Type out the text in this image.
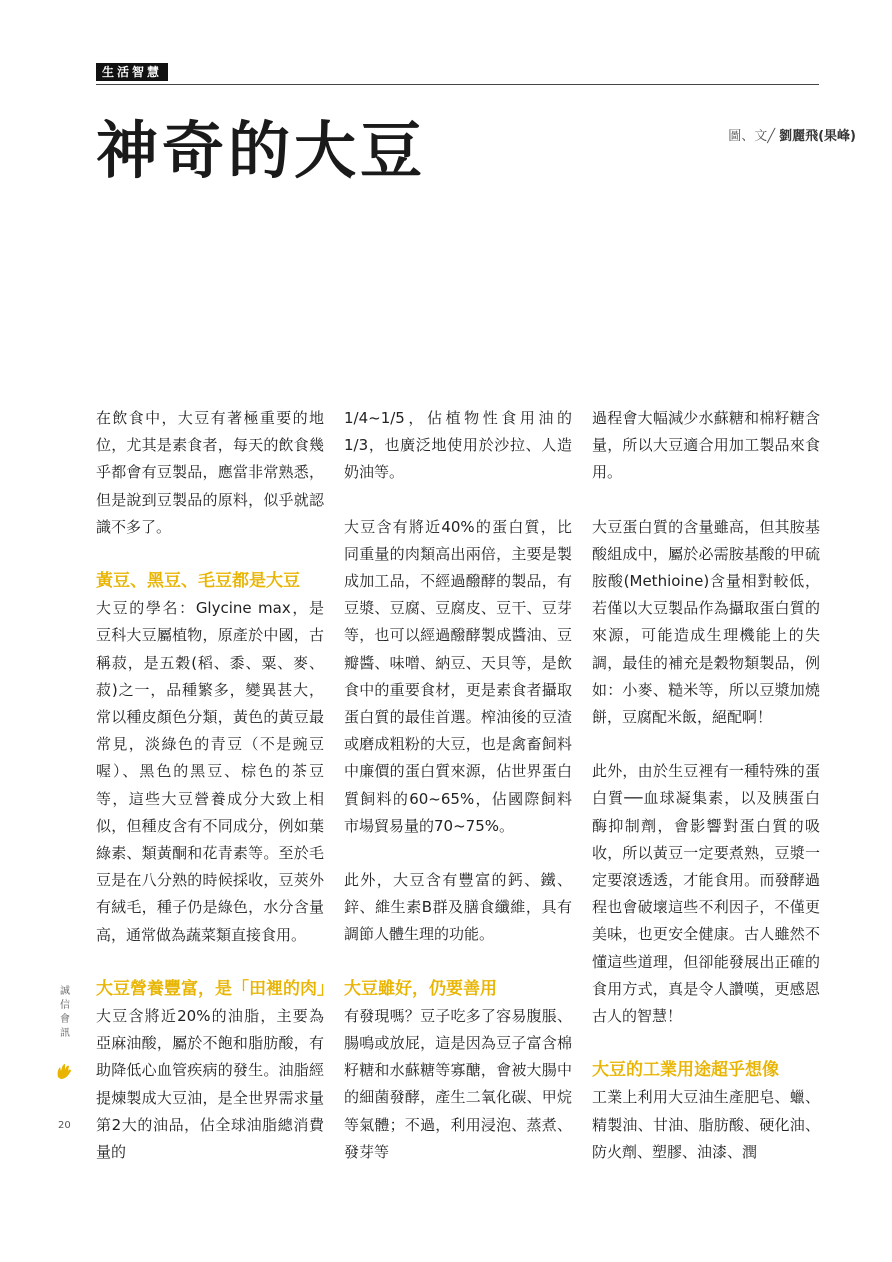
生活智慧
神奇的大豆	圖、文╱ 劉麗飛(果峰)

在飲食中，大豆有著極重要的地位，尤其是素食者，每天的飲食幾乎都會有豆製品，應當非常熟悉，但是說到豆製品的原料，似乎就認識不多了。

黃豆、黑豆、毛豆都是大豆

大豆的學名：Glycine max，是豆科大豆屬植物，原產於中國，古稱菽，是五穀(稻、黍、粟、麥、菽)之一，品種繁多，變異甚大，常以種皮顏色分類，黃色的黃豆最常見，淡綠色的青豆（不是豌豆喔）、黑色的黑豆、棕色的茶豆等，這些大豆營養成分大致上相似，但種皮含有不同成分，例如葉綠素、類黃酮和花青素等。至於毛豆是在八分熟的時候採收，豆莢外有絨毛，種子仍是綠色，水分含量高，通常做為蔬菜類直接食用。

大豆營養豐富，是「田裡的肉」

大豆含將近20%的油脂，主要為亞麻油酸，屬於不飽和脂肪酸，有助降低心血管疾病的發生。油脂經提煉製成大豆油，是全世界需求量第2大的油品，佔全球油脂總消費量的

1/4~1/5，佔植物性食用油的1/3，也廣泛地使用於沙拉、人造奶油等。

大豆含有將近40%的蛋白質，比同重量的肉類高出兩倍，主要是製成加工品，不經過醱酵的製品，有豆漿、豆腐、豆腐皮、豆干、豆芽等，也可以經過醱酵製成醬油、豆瓣醬、味噌、納豆、天貝等，是飲食中的重要食材，更是素食者攝取蛋白質的最佳首選。榨油後的豆渣或磨成粗粉的大豆，也是禽畜飼料中廉價的蛋白質來源，佔世界蛋白質飼料的60~65%，佔國際飼料市場貿易量的70~75%。

此外，大豆含有豐富的鈣、鐵、鋅、維生素B群及膳食纖維，具有調節人體生理的功能。

大豆雖好，仍要善用

有發現嗎？豆子吃多了容易腹脹、腸鳴或放屁，這是因為豆子富含棉籽糖和水蘇糖等寡醣，會被大腸中的細菌發酵，產生二氧化碳、甲烷等氣體；不過，利用浸泡、蒸煮、發芽等

過程會大幅減少水蘇糖和棉籽糖含量，所以大豆適合用加工製品來食用。

大豆蛋白質的含量雖高，但其胺基酸組成中，屬於必需胺基酸的甲硫胺酸(Methioine)含量相對較低，若僅以大豆製品作為攝取蛋白質的來源，可能造成生理機能上的失調，最佳的補充是穀物類製品，例如：小麥、糙米等，所以豆漿加燒餅，豆腐配米飯，絕配啊！

此外，由於生豆裡有一種特殊的蛋白質──血球凝集素，以及胰蛋白酶抑制劑，會影響對蛋白質的吸收，所以黃豆一定要煮熟，豆漿一定要滾透透，才能食用。而發酵過程也會破壞這些不利因子，不僅更美味，也更安全健康。古人雖然不懂這些道理，但卻能發展出正確的食用方式，真是令人讚嘆，更感恩古人的智慧！

大豆的工業用途超乎想像

工業上利用大豆油生產肥皂、蠟、精製油、甘油、脂肪酸、硬化油、防火劑、塑膠、油漆、潤

誠信會訊
20
